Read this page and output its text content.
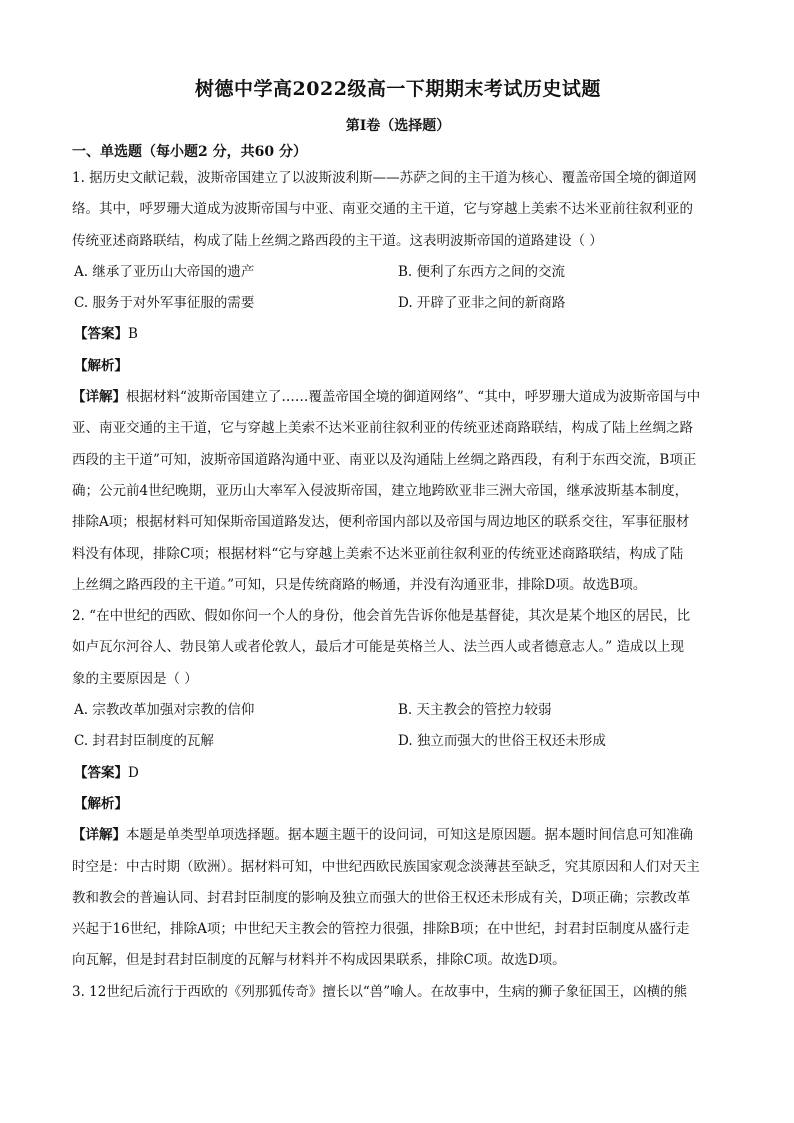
树德中学高2022级高一下期期末考试历史试题
第Ⅰ卷（选择题）
一、单选题（每小题2 分，共60 分）

1. 据历史文献记载，波斯帝国建立了以波斯波利斯——苏萨之间的主干道为核心、覆盖帝国全境的御道网

络。其中，呼罗珊大道成为波斯帝国与中亚、南亚交通的主干道，它与穿越上美索不达米亚前往叙利亚的

传统亚述商路联结，构成了陆上丝绸之路西段的主干道。这表明波斯帝国的道路建设（ ）

A. 继承了亚历山大帝国的遗产	B. 便利了东西方之间的交流
C. 服务于对外军事征服的需要	D. 开辟了亚非之间的新商路
【答案】B
【解析】

【详解】根据材料“波斯帝国建立了……覆盖帝国全境的御道网络”、“其中，呼罗珊大道成为波斯帝国与中

亚、南亚交通的主干道，它与穿越上美索不达米亚前往叙利亚的传统亚述商路联结，构成了陆上丝绸之路

西段的主干道”可知，波斯帝国道路沟通中亚、南亚以及沟通陆上丝绸之路西段，有利于东西交流，B项正

确；公元前4世纪晚期，亚历山大率军入侵波斯帝国，建立地跨欧亚非三洲大帝国，继承波斯基本制度，

排除A项；根据材料可知保斯帝国道路发达，便利帝国内部以及帝国与周边地区的联系交往，军事征服材

料没有体现，排除C项；根据材料“它与穿越上美索不达米亚前往叙利亚的传统亚述商路联结，构成了陆

上丝绸之路西段的主干道。”可知，只是传统商路的畅通，并没有沟通亚非，排除D项。故选B项。

2. “在中世纪的西欧、假如你问一个人的身份，他会首先告诉你他是基督徒，其次是某个地区的居民，比

如卢瓦尔河谷人、勃艮第人或者伦敦人，最后才可能是英格兰人、法兰西人或者德意志人。” 造成以上现

象的主要原因是（ ）

A. 宗教改革加强对宗教的信仰	B. 天主教会的管控力较弱
C. 封君封臣制度的瓦解	D. 独立而强大的世俗王权还未形成
【答案】D
【解析】

【详解】本题是单类型单项选择题。据本题主题干的设问词，可知这是原因题。据本题时间信息可知准确

时空是：中古时期（欧洲）。据材料可知，中世纪西欧民族国家观念淡薄甚至缺乏，究其原因和人们对天主

教和教会的普遍认同、封君封臣制度的影响及独立而强大的世俗王权还未形成有关，D项正确；宗教改革

兴起于16世纪，排除A项；中世纪天主教会的管控力很强，排除B项；在中世纪，封君封臣制度从盛行走

向瓦解，但是封君封臣制度的瓦解与材料并不构成因果联系，排除C项。故选D项。

3. 12世纪后流行于西欧的《列那狐传奇》擅长以“兽”喻人。在故事中，生病的狮子象征国王，凶横的熊
